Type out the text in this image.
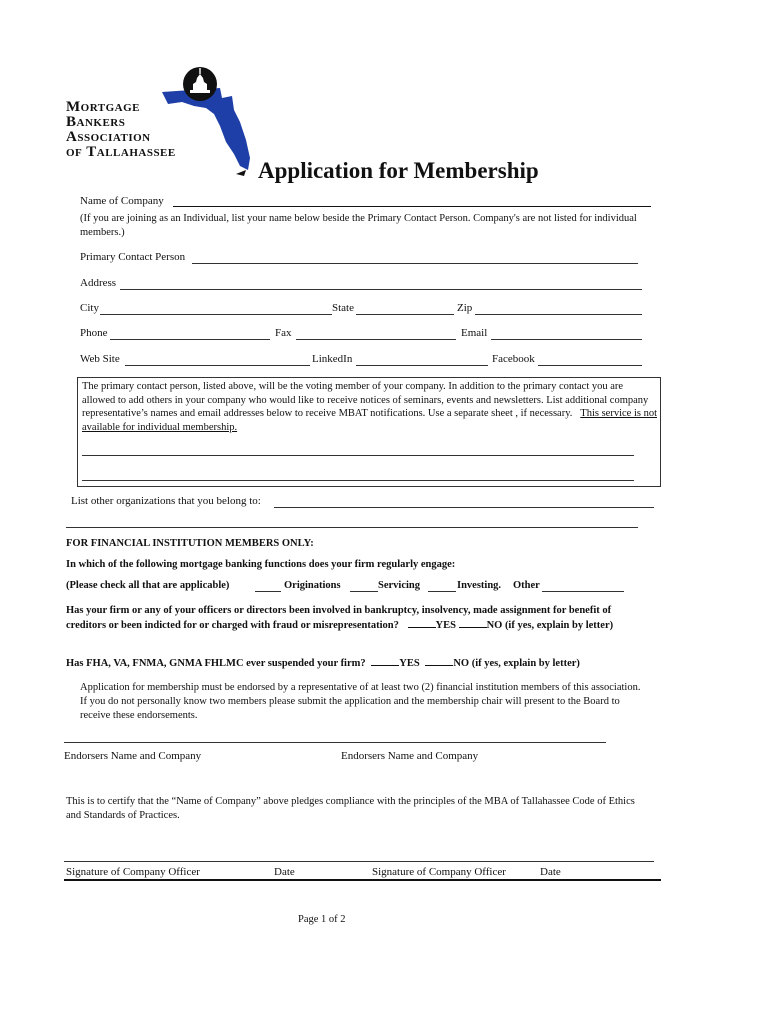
Mortgage
Bankers
Association
of Tallahassee
Application for Membership
Name of Company
(If you are joining as an Individual, list your name below beside the Primary Contact Person. Company's are not listed for individual members.)
Primary Contact Person
Address
City	State	Zip
Phone	Fax	Email
Web Site	LinkedIn	Facebook
The primary contact person, listed above, will be the voting member of your company. In addition to the primary contact you are allowed to add others in your company who would like to receive notices of seminars, events and newsletters. List additional company representative’s names and email addresses below to receive MBAT notifications. Use a separate sheet , if necessary. This service is not available for individual membership.
List other organizations that you belong to:
FOR FINANCIAL INSTITUTION MEMBERS ONLY:
In which of the following mortgage banking functions does your firm regularly engage:
(Please check all that are applicable)	Originations	Servicing	Investing. Other
Has your firm or any of your officers or directors been involved in bankruptcy, insolvency, made assignment for benefit of creditors or been indicted for or charged with fraud or misrepresentation?	YES	NO (if yes, explain by letter)
Has FHA, VA, FNMA, GNMA FHLMC ever suspended your firm?	YES	NO (if yes, explain by letter)
Application for membership must be endorsed by a representative of at least two (2) financial institution members of this association. If you do not personally know two members please submit the application and the membership chair will present to the Board to receive these endorsements.
Endorsers Name and Company	Endorsers Name and Company
This is to certify that the “Name of Company” above pledges compliance with the principles of the MBA of Tallahassee Code of Ethics and Standards of Practices.
Signature of Company Officer	Date	Signature of Company Officer	Date
Page 1 of 2
